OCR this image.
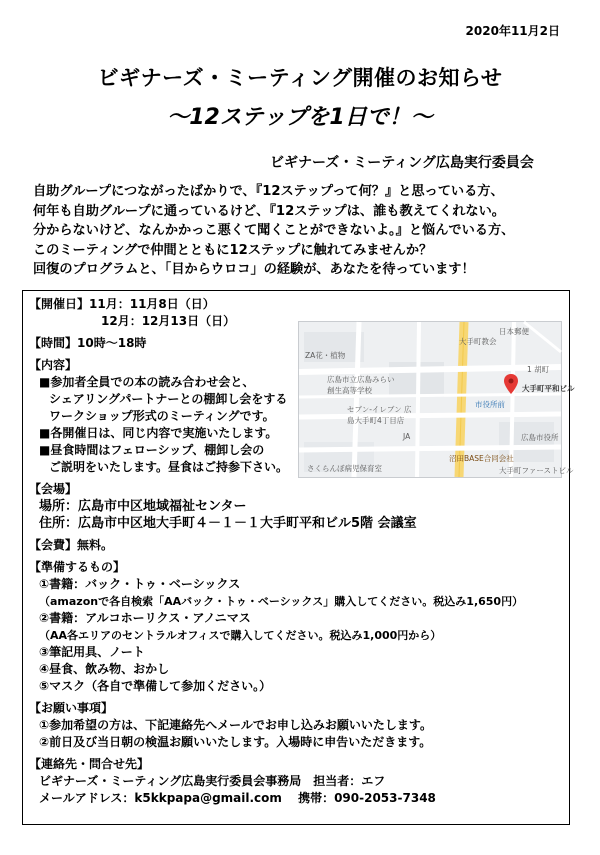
2020年11月2日
ビギナーズ・ミーティング開催のお知らせ
～12ステップを1日で！～
ビギナーズ・ミーティング広島実行委員会
自助グループにつながったばかりで、『12ステップって何？』と思っている方、
何年も自助グループに通っているけど、『12ステップは、誰も教えてくれない。
分からないけど、なんかかっこ悪くて聞くことができないよ。』と悩んでいる方、
このミーティングで仲間とともに12ステップに触れてみませんか？
回復のプログラムと、「目からウロコ」の経験が、あなたを待っています！
【開催日】11月：11月8日（日）
12月：12月13日（日）
【時間】10時～18時
【内容】
■参加者全員での本の読み合わせ会と、
シェアリングパートナーとの棚卸し会をする
ワークショップ形式のミーティングです。
■各開催日は、同じ内容で実施いたします。
■昼食時間はフェローシップ、棚卸し会の
ご説明をいたします。昼食はご持参下さい。
【会場】
場所：広島市中区地域福祉センター
住所：広島市中区地大手町４－１－１大手町平和ビル5階 会議室
【会費】無料。
【準備するもの】
①書籍：バック・トゥ・ベーシックス
（amazonで各自検索「AAバック・トゥ・ベーシックス」購入してください。税込み1,650円）
②書籍：アルコホーリクス・アノニマス
（AA各エリアのセントラルオフィスで購入してください。税込み1,000円から）
③筆記用具、ノート
④昼食、飲み物、おかし
⑤マスク（各自で準備して参加ください。）
【お願い事項】
①参加希望の方は、下記連絡先へメールでお申し込みお願いいたします。
②前日及び当日朝の検温お願いいたします。入場時に申告いただきます。
【連絡先・問合せ先】
ビギナーズ・ミーティング広島実行委員会事務局　担当者：エフ
メールアドレス：k5kkpapa@gmail.com　 携帯：090-2053-7348
日本郵便
大手町教会
ZA花・植物
1 胡町
広島市立広島みらい創生高等学校	大手町平和ビル
市役所前
セブン-イレブン 広島大手町4丁目店
JA	広島市役所
沼田BASE合同会社
さくらんぼ病児保育室	大手町ファーストビル
